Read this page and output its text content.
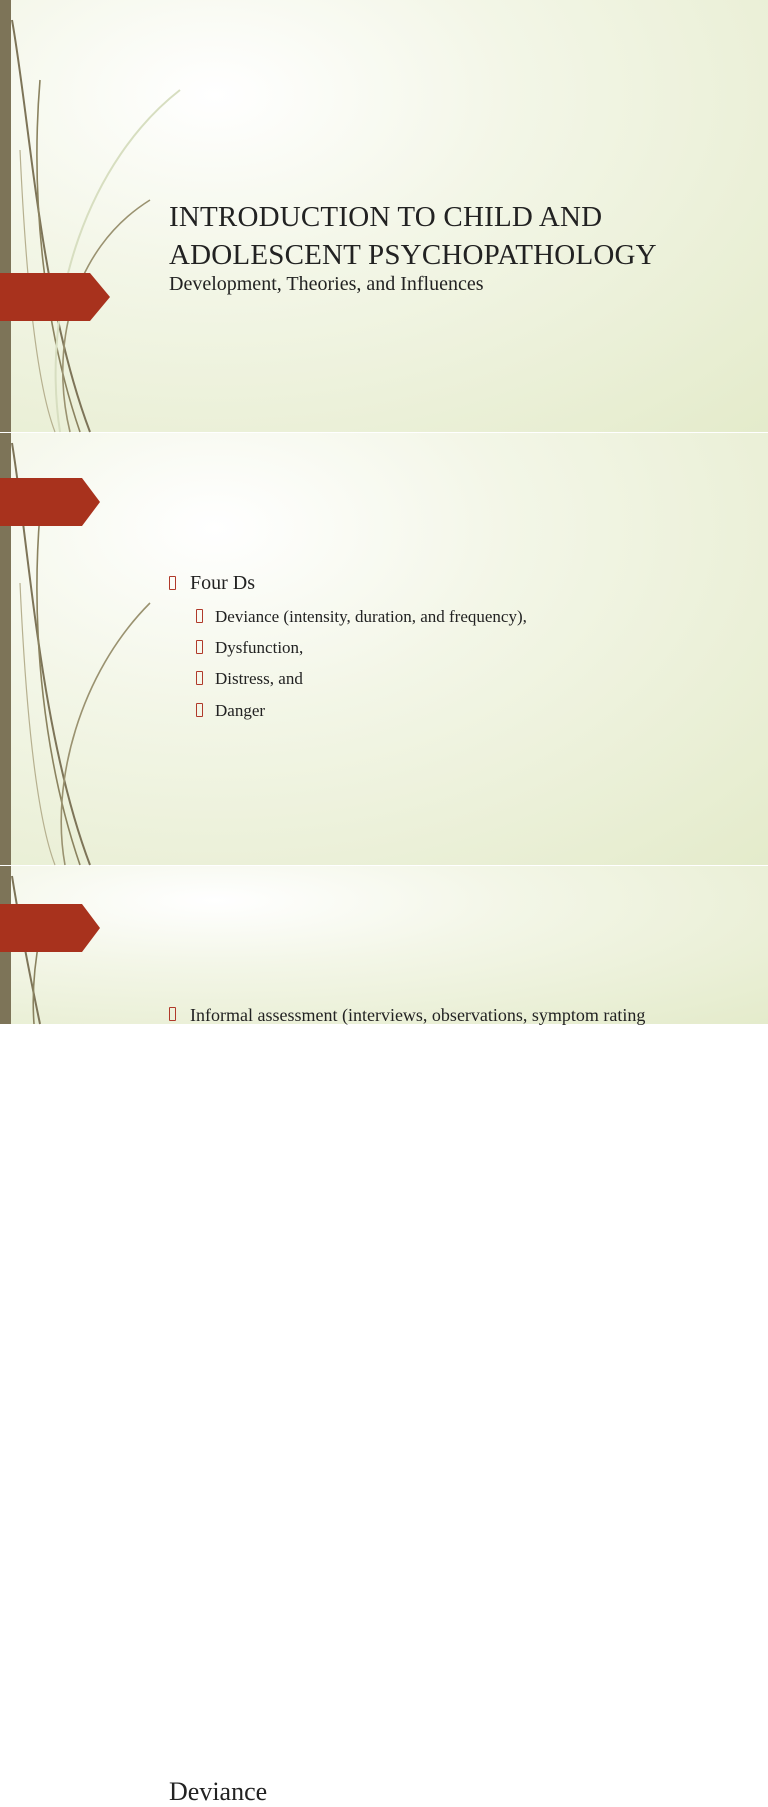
INTRODUCTION TO CHILD AND
ADOLESCENT PSYCHOPATHOLOGY
Development, Theories, and Influences
Four Ds
Deviance (intensity, duration, and frequency),
Dysfunction,
Distress, and
Danger
Deviance
Informal assessment (interviews, observations, symptom rating
